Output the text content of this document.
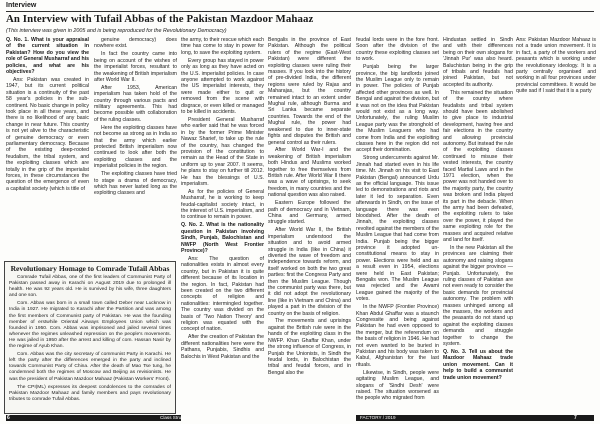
Interview
An Interview with Tufail Abbas of the Pakistan Mazdoor Mahaaz
(This interview was given in 2005 and is being reproduced for the Revolutionary Democracy)

Q. No. 1. What is your appraisal of the current situation in Pakistan? How do you view the role of General Musharraf and his policies, and what are his objectives?

Ans: Pakistan was created in 1947, but its current political situation is a continuity of the past 58 year's policies in the sub-continent. No basic change in policy took place in all these years, and there is no likelihood of any basic change in near future. This country is not yet alive to the characteristic of genuine democracy or even parliamentary democracy. Because of the existing deep-rooted feudalism, the tribal system, and the exploiting classes which are totally in the grip of the imperialist forces, in these circumstances the question of the emergence of even a capitalist society (which is title of

genuine democracy) does nowhere exist.

In fact the country came into being on account of the wishes of the imperialist forces, resultant to the weakening of British imperialism after World War II.

After 1953, American imperialism has taken hold of the country through various pacts and military agreements. This had become possible with collaboration of the ruling classes.

Here the exploiting classes have not become as strong as in India so that the army which earlier protected British imperialism now continued to look after both the exploiting classes and the imperialist policies in the region.

The exploiting classes have tried to stage a drama of democracy, which has never lasted long as the exploiting classes and

the army, to their rescue which each time has come to stay in power for long, to save the exploiting system.

Every group has stayed in power only as long as they have acted on the U.S. imperialist policies. In case anyone attempted to work against the US imperialist interests, they were made either to quit or removed from the scene with disgrace, or even killed or managed to be killed in accidents.

President General Musharraf who earlier said that he was forced in by the former Prime Minister Nawaz Sharief, to take up the rule of the country, has changed the provision of the constitution to remain as the Head of the State in uniform up to year 2007. It seems, he plans to stay on further till 2012. He has the blessings of U.S. imperialism.

As for the policies of General Musharraf, he is working to keep feudal-capitalist society intact, in the interest of U.S. imperialism, and to continue to remain in power.

Q. No. 2. What is the nationality question in Pakistan involving Sindh, Punjab, Balochistan and NWFP (North West Frontier Province)?

Ans: The question of nationalities exists in almost every country, but in Pakistan it is quite different because of its location in the region. In fact, Pakistan had been created on the two different concepts of religion and nationalities: intermingled together. The country was divided on the basis of 'Two Nation Theory' and religion was equated with the concept of nation.

After the creation of Pakistan the different nationalities here were the Pathans, Punjabis, Sindhis and Balochis in West Pakistan and the

Bengalis in the province of East Pakistan. Although the political rulers of the regime (East-West Pakistan) were different the exploiting classes were ruling their masses. If you look into the history of pre-divided India, the different regions were ruled by Rajas and Maharajas, but the country remained intact to an extent under Mughal rule, although Burma and Sri Lanka became separate countries. Towards the end of the Mughal rule, the power had weakened to due to inner-state fights and disputes the British and general control as their rulers.

After World War-I and the weakening of British imperialism both Hindus and Muslims worked together to free themselves from British rule. After World War II there was a wave of uprisings, to seek freedom, in many countries and the national question was also raised.

Eastern Europe followed the path of democracy and in Vietnam, China and Germany, armed struggle started.

After World War II, the British imperialism understood the situation and to avoid armed struggle in India (like in China) it diverted the wave of freedom and independence towards reform, and itself worked on both the two great parties: first the Congress Party and then the Muslim League. Though the communist party was there, but it did not adopt the revolutionary line (like in Vietnam and China) and played a part in the division of the country on the basis of religion.

The movements and uprisings against the British rule were in the hands of the exploiting class in the NWFP. Khan Ghaffar Khan, under the strong influence of Congress, in Punjab the Unionists, in Sindh the feudal lords, in Balochistan the tribal and feudal forces, and in Bengal also the

feudal lords were in the fore front. Soon after the division of the country these exploiting classes set to work.

Punjab being the larger province, the big landlords joined the Muslim League only to remain in power. The policies of Punjab affected other provinces as well. In Bengal and against the division, but it was not on the idea that Pakistan would not exist as a long way. Unfortunately, the ruling Muslim League party was the stronghold of the Muslim Leaguers who had come from India and the exploiting classes here in the region did not accept their domination.

Strong undercurrents against Mr. Jinnah had started even in his life time. Mr. Jinnah on his visit to East Pakistan (Bengal) announced Urdu as the official language. This issue led to demonstrations and riots and later it led to separation. Even afterwards in Sindh, on the issue of language there was even bloodshed. After the death of Jinnah, the exploiting classes revolted against the members of the Muslim League that had come from India. Punjab being the bigger province it adopted un-constitutional means to stay in power. Elections were held and as a result even in 1954, elections were held in East Pakistan; Bengalis won. The Muslim League was rejected and the Awami League gained the majority of the votes.

In the NWFP (Frontier Province) Khan Abdul Ghaffar was a staunch Congressite and being against Pakistan he had even opposed to the merger, but the referendum on the basis of religion in 1946. He had not even wanted to be buried in Pakistan and his body was taken to Kabul, Afghanistan for the last rituals.

Likewise, in Sindh, people were agitating Muslim League, and slogans of 'Sindhi Desh' were raised. The situation worsened as the people who migrated from

Hindustan settled in Sindh and with their differences being on their own slogans for 'Jinnah Pur' was also heard. Baluchistan being in the grip of tribals and feudals had joined Pakistan, but not accepted its authority.

This remained the situation of the country where feudalists and tribal system should have been abolished to give place to industrial development, having free and fair elections in the country and allowing provincial autonomy. But instead the rule of the exploiting classes continued to misuse their vested interests, the country faced Martial Laws and in the 1971 election, when the power was not handed over to the majority party, the country was broken and India played its part in the debacle. When the army had been defeated, the exploiting rulers to take over the power, it played the same exploiting role for the masses and acquired relative and land for itself.

In the new Pakistan all the provinces are claiming their autonomy and raising slogans against the bigger province — Punjab. Unfortunately, the ruling classes of Pakistan are not even ready to consider the basic demands for provincial autonomy. The problem with masses unhinged among all the masses, the workers and the peasants do not stand up against the exploiting classes demands and struggle together to change the system.

Q. No. 3. Tell us about the Mazdoor Mahaaz trade union movement. Can it help to build a communist trade union movement?

Ans: Pakistan Mazdoor Mahaaz is not a trade union movement. It is in fact, a party of the workers and peasants which is working under the revolutionary ideology. It is a party centrally organised and working in all four provinces under provincial committees. It would be quite sad if I said that it is a party

Revolutionary Homage to Comrade Tufail Abbas

Comrade Tufail Abbas, one of the first leaders of Communist Party of Pakistan passed away in Karachi on August 2019 due to prolonged ill health. He was 92 years old. He is survived by his wife, three daughters and one son.

Com. Abbas was born in a small town called Deber near Lucknow in India in 1927. He migrated to Karachi after the Partition and was among the first members of Communist party of Pakistan. He was the founding member of erstwhile Oriental Airways Employees Union which was founded in 1950. Com. Abbas was imprisoned and jailed several times whenever the regimes unleashed repression on the people's movements. He was jailed in 1950 after the arrest and killing of com. Hassan Nasir by the regime of Ayub Khan.

Com. Abbas was the city secretary of communist Party in Karachi. He left the party after the differences emerged in the party and inclined towards Communist Party of China. After the death of Mao Tse tung, he condemned both the regimes of Moscow and Beijing as revisionists. He was the president of Pakistan Mazdoor Mahaaz (Pakistan Workers' Front).

The CPI(ML) expresses its deepest condolences to the comrades of Pakistan Mazdoor Mahaaz and family members and pays revolutionary tributes to comrade Tufail Abbas.

6	Class Struggle	FACTORY / 2019	7
